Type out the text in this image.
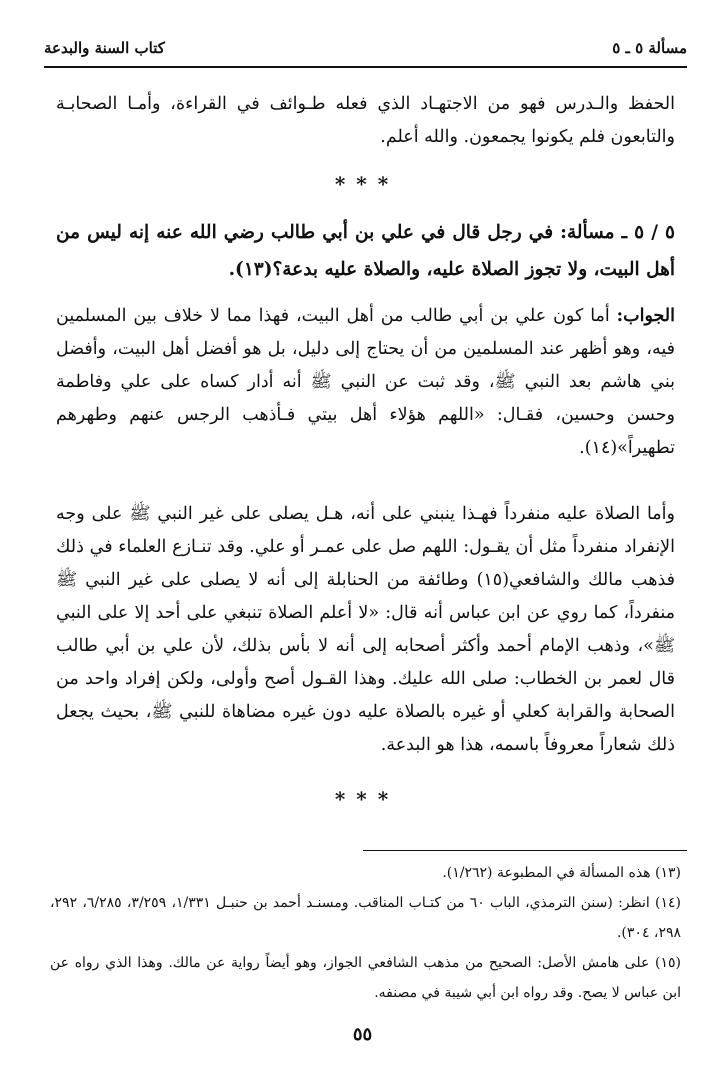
مسألة ٥ ـ ٥
كتاب السنة والبدعة

الحفظ والـدرس فهو من الاجتهـاد الذي فعله طـوائف في القراءة، وأمـا الصحابـة والتابعون فلم يكونوا يجمعون. والله أعلم.

* * *

٥ / ٥ ـ مسألة: في رجل قال في علي بن أبي طالب رضي الله عنه إنه ليس من أهل البيت، ولا تجوز الصلاة عليه، والصلاة عليه بدعة؟(١٣).

الجواب: أما كون علي بن أبي طالب من أهل البيت، فهذا مما لا خلاف بين المسلمين فيه، وهو أظهر عند المسلمين من أن يحتاج إلى دليل، بل هو أفضل أهل البيت، وأفضل بني هاشم بعد النبي ﷺ، وقد ثبت عن النبي ﷺ أنه أدار كساه على علي وفاطمة وحسن وحسين، فقـال: «اللهم هؤلاء أهل بيتي فـأذهب الرجس عنهم وطهرهم تطهيراً»(١٤).

وأما الصلاة عليه منفرداً فهـذا ينبني على أنه، هـل يصلى على غير النبي ﷺ على وجه الإنفراد منفرداً مثل أن يقـول: اللهم صل على عمـر أو علي. وقد تنـازع العلماء في ذلك فذهب مالك والشافعي(١٥) وطائفة من الحنابلة إلى أنه لا يصلى على غير النبي ﷺ منفرداً، كما روي عن ابن عباس أنه قال: «لا أعلم الصلاة تنبغي على أحد إلا على النبي ﷺ»، وذهب الإمام أحمد وأكثر أصحابه إلى أنه لا بأس بذلك، لأن علي بن أبي طالب قال لعمر بن الخطاب: صلى الله عليك. وهذا القـول أصح وأولى، ولكن إفراد واحد من الصحابة والقرابة كعلي أو غيره بالصلاة عليه دون غيره مضاهاة للنبي ﷺ، بحيث يجعل ذلك شعاراً معروفاً باسمه، هذا هو البدعة.

* * *

(١٣) هذه المسألة في المطبوعة (١/٢٦٢).

(١٤) انظر: (سنن الترمذي، الباب ٦٠ من كتـاب المناقب. ومسنـد أحمد بن حنبـل ١/٣٣١، ٣/٢٥٩، ٦/٢٨٥، ٢٩٢، ٢٩٨، ٣٠٤).

(١٥) على هامش الأصل: الصحيح من مذهب الشافعي الجواز، وهو أيضاً رواية عن مالك. وهذا الذي رواه عن ابن عباس لا يصح. وقد رواه ابن أبي شيبة في مصنفه.

٥٥
